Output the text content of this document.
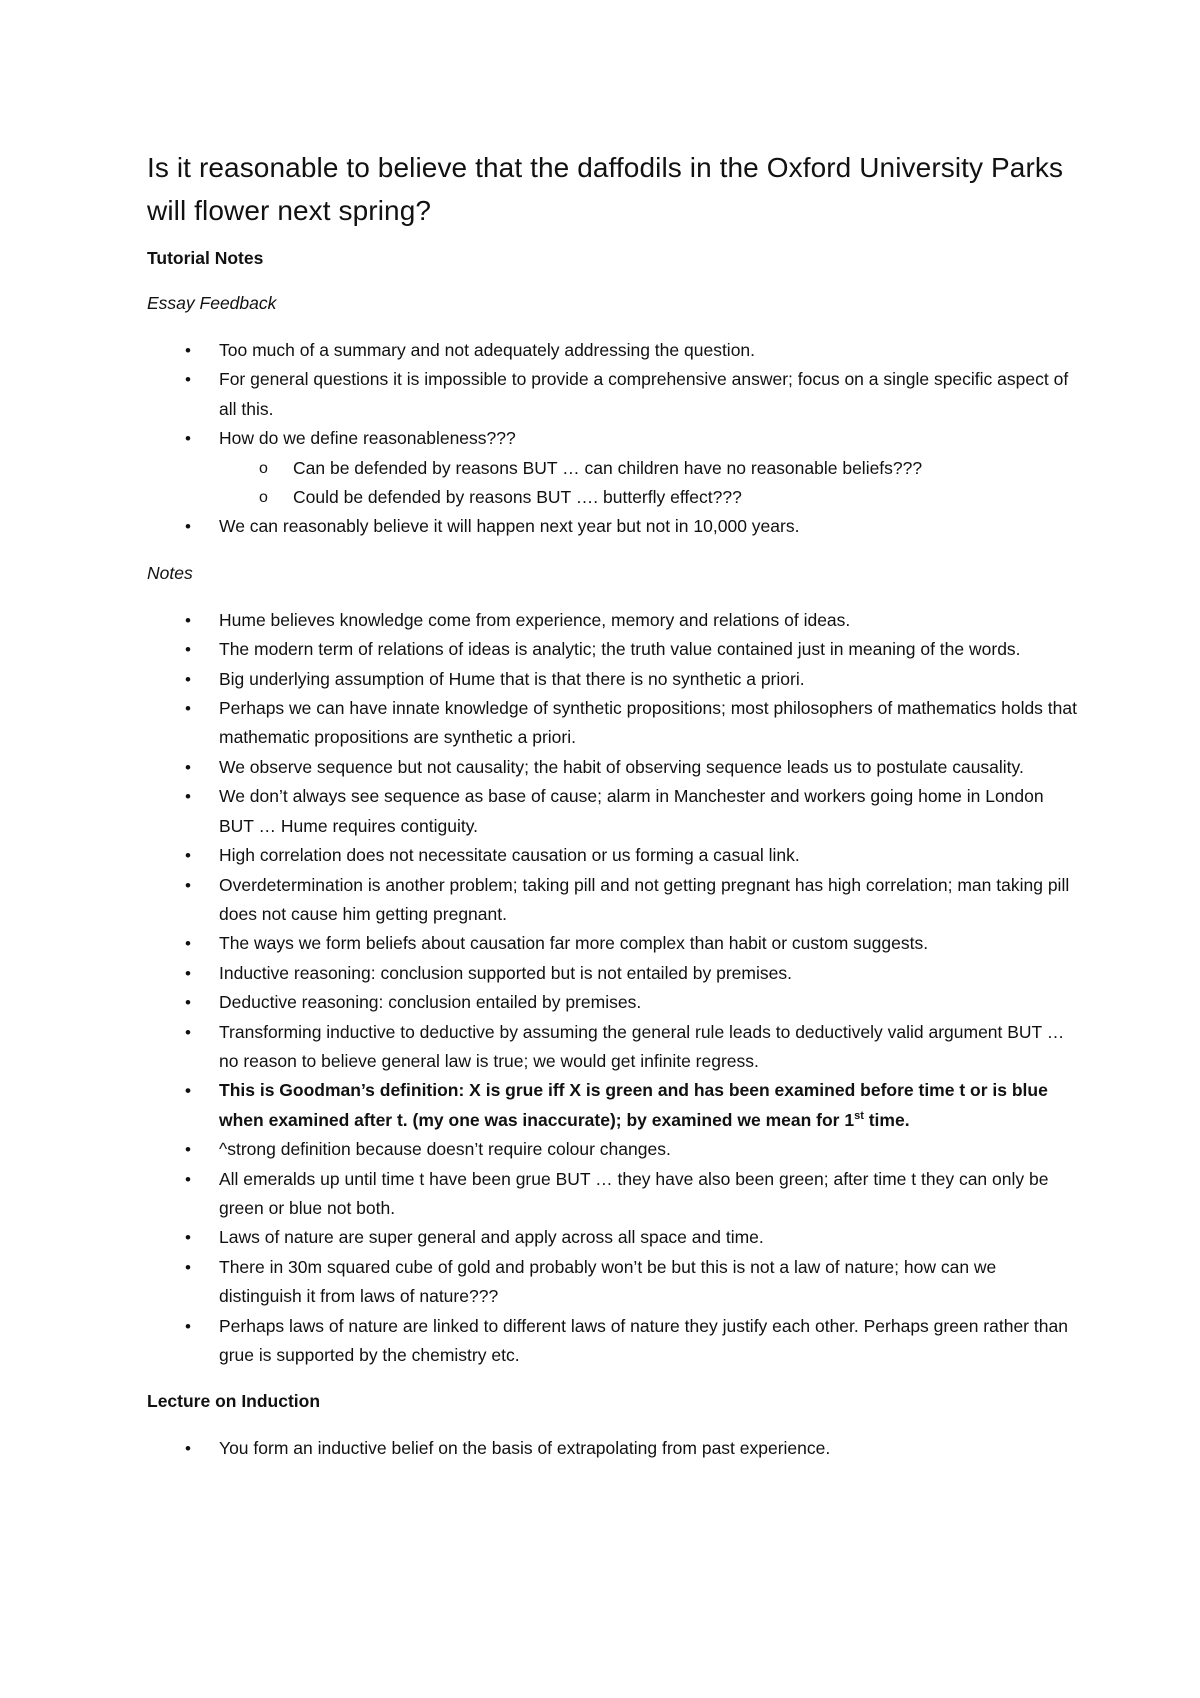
Is it reasonable to believe that the daffodils in the Oxford University Parks will flower next spring?
Tutorial Notes
Essay Feedback
• Too much of a summary and not adequately addressing the question.
• For general questions it is impossible to provide a comprehensive answer; focus on a single specific aspect of all this.
• How do we define reasonableness???
o Can be defended by reasons BUT … can children have no reasonable beliefs???
o Could be defended by reasons BUT …. butterfly effect???
• We can reasonably believe it will happen next year but not in 10,000 years.
Notes
• Hume believes knowledge come from experience, memory and relations of ideas.
• The modern term of relations of ideas is analytic; the truth value contained just in meaning of the words.
• Big underlying assumption of Hume that is that there is no synthetic a priori.
• Perhaps we can have innate knowledge of synthetic propositions; most philosophers of mathematics holds that mathematic propositions are synthetic a priori.
• We observe sequence but not causality; the habit of observing sequence leads us to postulate causality.
• We don’t always see sequence as base of cause; alarm in Manchester and workers going home in London BUT … Hume requires contiguity.
• High correlation does not necessitate causation or us forming a casual link.
• Overdetermination is another problem; taking pill and not getting pregnant has high correlation; man taking pill does not cause him getting pregnant.
• The ways we form beliefs about causation far more complex than habit or custom suggests.
• Inductive reasoning: conclusion supported but is not entailed by premises.
• Deductive reasoning: conclusion entailed by premises.
• Transforming inductive to deductive by assuming the general rule leads to deductively valid argument BUT … no reason to believe general law is true; we would get infinite regress.
• This is Goodman’s definition: X is grue iff X is green and has been examined before time t or is blue when examined after t. (my one was inaccurate); by examined we mean for 1st time.
• ^strong definition because doesn’t require colour changes.
• All emeralds up until time t have been grue BUT … they have also been green; after time t they can only be green or blue not both.
• Laws of nature are super general and apply across all space and time.
• There in 30m squared cube of gold and probably won’t be but this is not a law of nature; how can we distinguish it from laws of nature???
• Perhaps laws of nature are linked to different laws of nature they justify each other. Perhaps green rather than grue is supported by the chemistry etc.
Lecture on Induction
• You form an inductive belief on the basis of extrapolating from past experience.
